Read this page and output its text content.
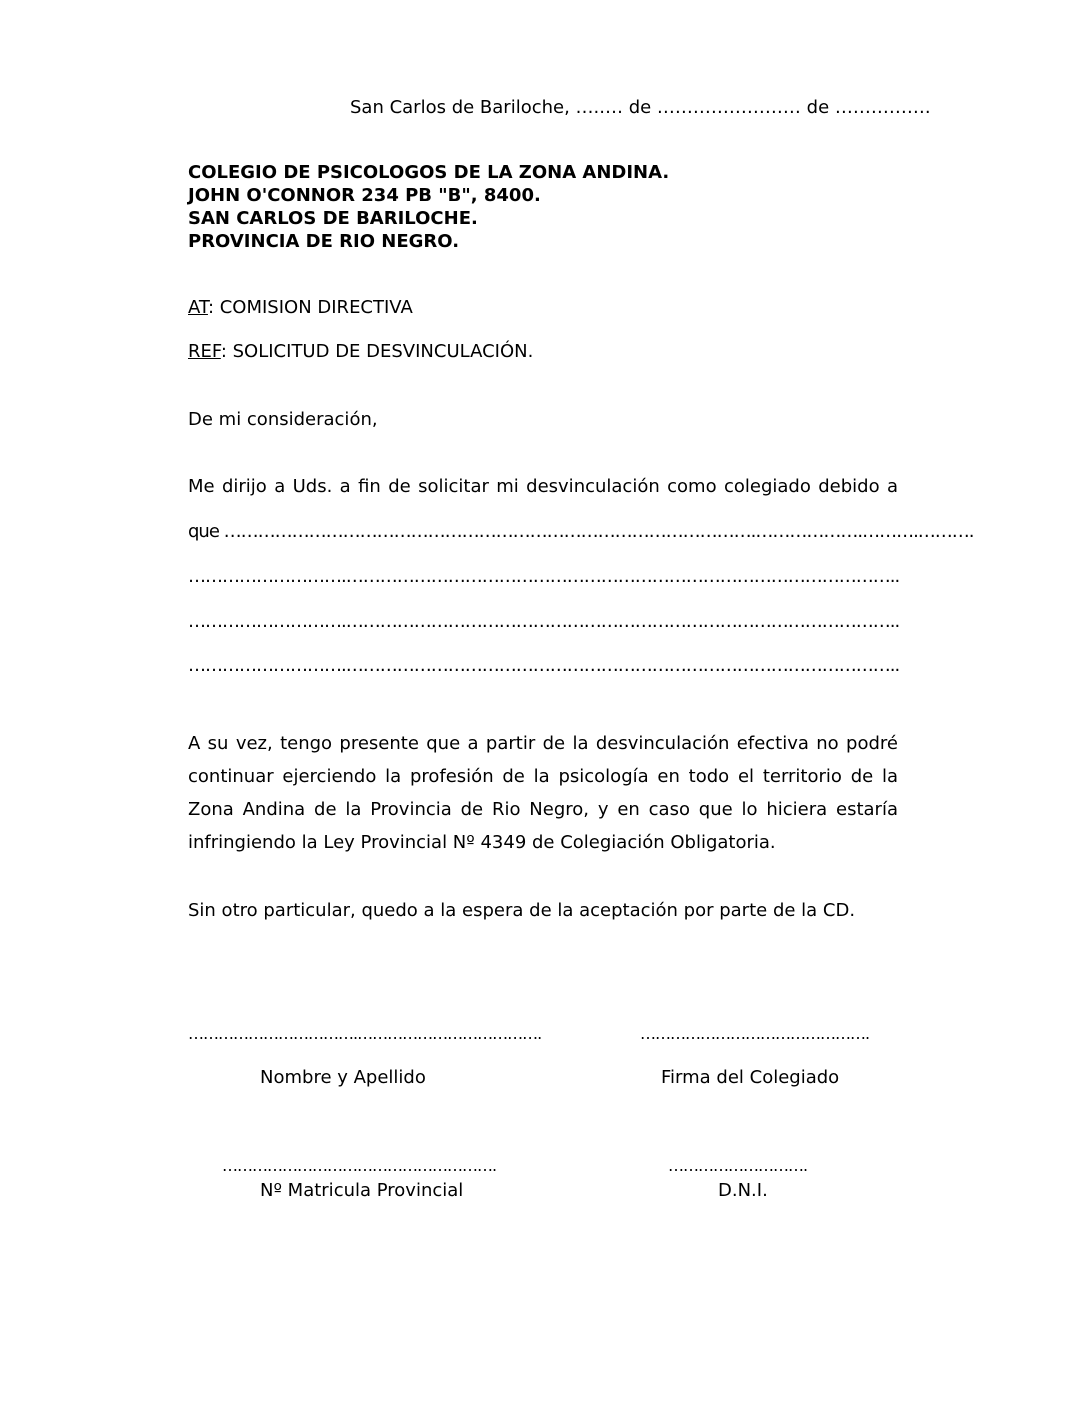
San Carlos de Bariloche, …..… de …………………… de …………….
COLEGIO DE PSICOLOGOS DE LA ZONA ANDINA.
JOHN O'CONNOR 234 PB "B", 8400.
SAN CARLOS DE BARILOCHE.
PROVINCIA DE RIO NEGRO.
AT: COMISION DIRECTIVA
REF: SOLICITUD DE DESVINCULACIÓN.
De mi consideración,
Me dirijo a Uds. a fin de solicitar mi desvinculación como colegiado debido a
que ………………………………………………………………………………….……………….……….……….
……………………….……………………………………………………………………………………..
……………………….……………………………………………………………………………………..
……………………….……………………………………………………………………………………..
A su vez, tengo presente que a partir de la desvinculación efectiva no podré
continuar ejerciendo la profesión de la psicología en todo el territorio de la
Zona Andina de la Provincia de Rio Negro, y en caso que lo hiciera estaría
infringiendo la Ley Provincial Nº 4349 de Colegiación Obligatoria.
Sin otro particular, quedo a la espera de la aceptación por parte de la CD.
…………………………….……………………………….	……………………………………….
Nombre y Apellido	Firma del Colegiado
……………………………………………….	……………………….
Nº Matricula Provincial	D.N.I.
